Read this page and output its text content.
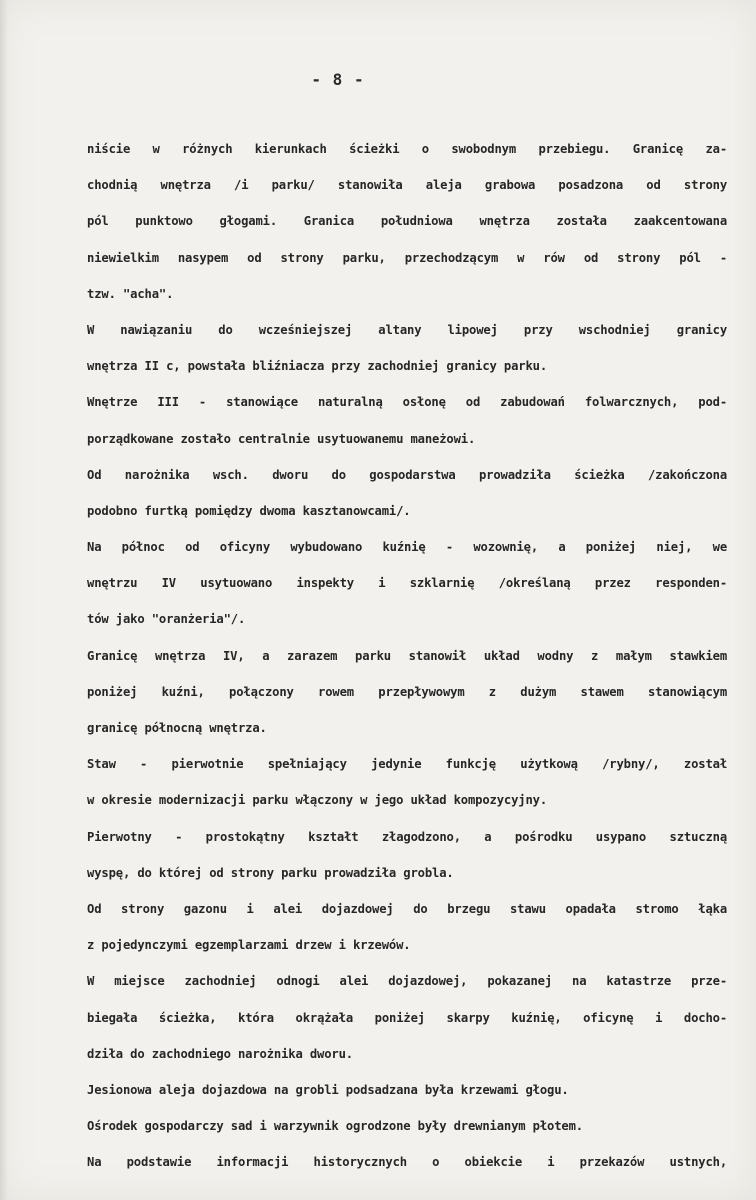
- 8 -
niście w różnych kierunkach ścieżki o swobodnym przebiegu. Granicę za-
chodnią wnętrza /i parku/ stanowiła aleja grabowa posadzona od strony
pól punktowo głogami. Granica południowa wnętrza została zaakcentowana
niewielkim nasypem od strony parku, przechodzącym w rów od strony pól -
tzw. "acha".
W nawiązaniu do wcześniejszej altany lipowej przy wschodniej granicy
wnętrza II c, powstała bliźniacza przy zachodniej granicy parku.
Wnętrze III - stanowiące naturalną osłonę od zabudowań folwarcznych, pod-
porządkowane zostało centralnie usytuowanemu maneżowi.
Od narożnika wsch. dworu do gospodarstwa prowadziła ścieżka /zakończona
podobno furtką pomiędzy dwoma kasztanowcami/.
Na północ od oficyny wybudowano kuźnię - wozownię, a poniżej niej, we
wnętrzu IV usytuowano inspekty i szklarnię /określaną przez responden-
tów jako "oranżeria"/.
Granicę wnętrza IV, a zarazem parku stanowił układ wodny z małym stawkiem
poniżej kuźni, połączony rowem przepływowym z dużym stawem stanowiącym
granicę północną wnętrza.
Staw - pierwotnie spełniający jedynie funkcję użytkową /rybny/, został
w okresie modernizacji parku włączony w jego układ kompozycyjny.
Pierwotny - prostokątny kształt złagodzono, a pośrodku usypano sztuczną
wyspę, do której od strony parku prowadziła grobla.
Od strony gazonu i alei dojazdowej do brzegu stawu opadała stromo łąka
z pojedynczymi egzemplarzami drzew i krzewów.
W miejsce zachodniej odnogi alei dojazdowej, pokazanej na katastrze prze-
biegała ścieżka, która okrążała poniżej skarpy kuźnię, oficynę i docho-
dziła do zachodniego narożnika dworu.
Jesionowa aleja dojazdowa na grobli podsadzana była krzewami głogu.
Ośrodek gospodarczy sad i warzywnik ogrodzone były drewnianym płotem.
Na podstawie informacji historycznych o obiekcie i przekazów ustnych,
